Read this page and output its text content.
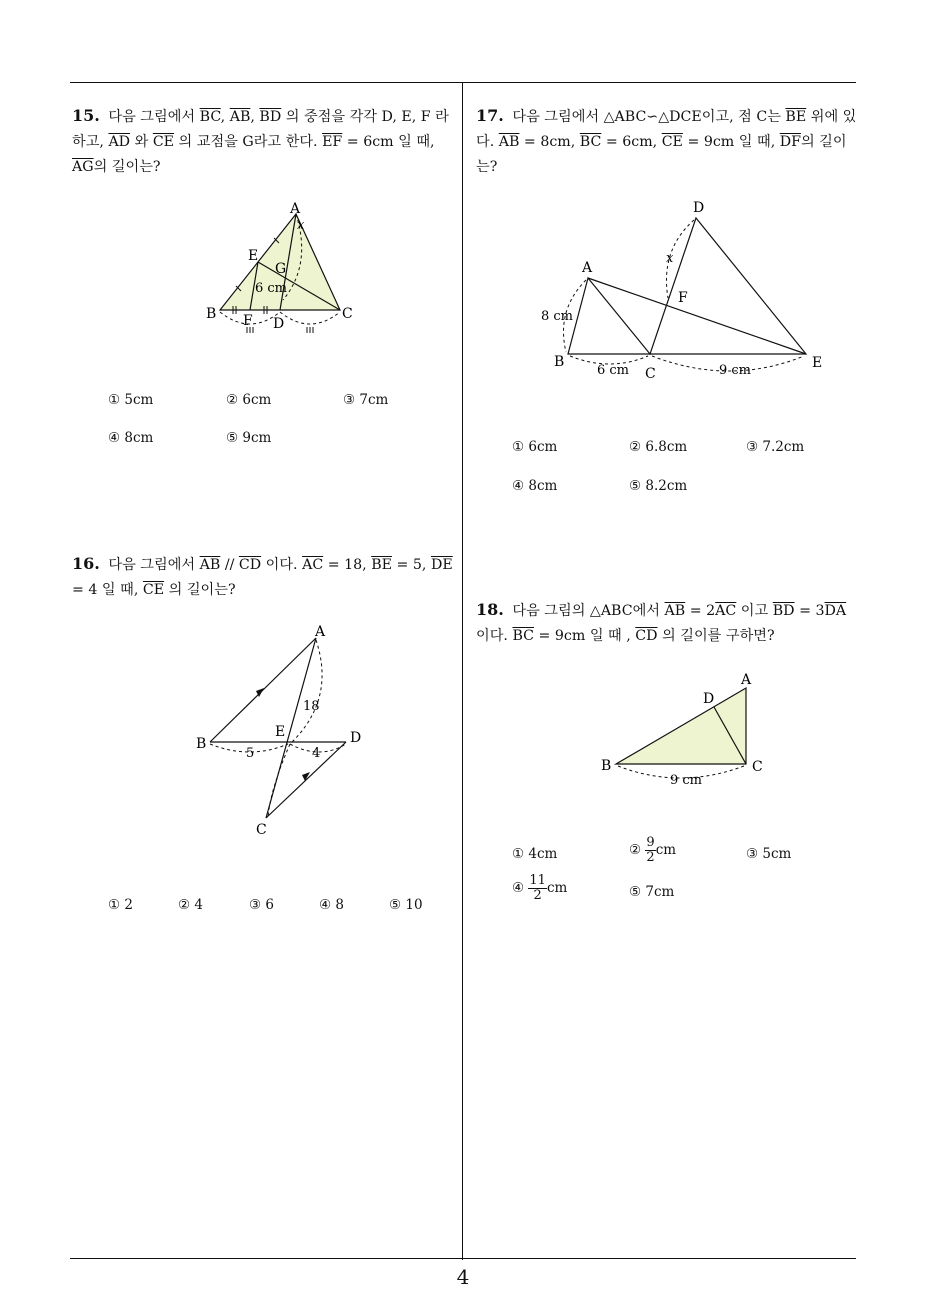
4
15. 다음 그림에서 $\overline{BC}$, $\overline{AB}$, $\overline{BD}$ 의 중점을 각각 D, E, F 라 하고, $\overline{AD}$ 와 $\overline{CE}$ 의 교점을 G라고 한다. $\overline{EF} = 6cm$ 일 때, $\overline{AG}$의 길이는?
A
B	C
D
E
F
G
x
6 cm
① 5cm	② 6cm	③ 7cm
④ 8cm	⑤ 9cm
16. 다음 그림에서 $\overline{AB} // \overline{CD}$ 이다. $\overline{AC} = 18$, $\overline{BE} = 5$, $\overline{DE} = 4$ 일 때, $\overline{CE}$ 의 길이는?
A
B
C
D
E
18
5	4
① 2	② 4	③ 6	④ 8	⑤ 10
17. 다음 그림에서 △ABC∽△DCE이고, 점 C는 $\overline{BE}$ 위에 있다. $\overline{AB} = 8cm$, $\overline{BC} = 6cm$, $\overline{CE} = 9cm$ 일 때, $\overline{DF}$의 길이는?
D
A
B
C
E
F
x
8 cm
6 cm	9 cm
① 6cm	② 6.8cm	③ 7.2cm
④ 8cm	⑤ 8.2cm
18. 다음 그림의 △ABC에서 $\overline{AB} = 2\overline{AC}$ 이고 $\overline{BD} = 3\overline{DA}$ 이다. $\overline{BC} = 9cm$ 일 때 , $\overline{CD}$ 의 길이를 구하면?
A
B	C
D
9 cm
① 4cm	② $\frac{9}{2}$ cm	③ 5cm
④ $\frac{11}{2}$ cm	⑤ 7cm
